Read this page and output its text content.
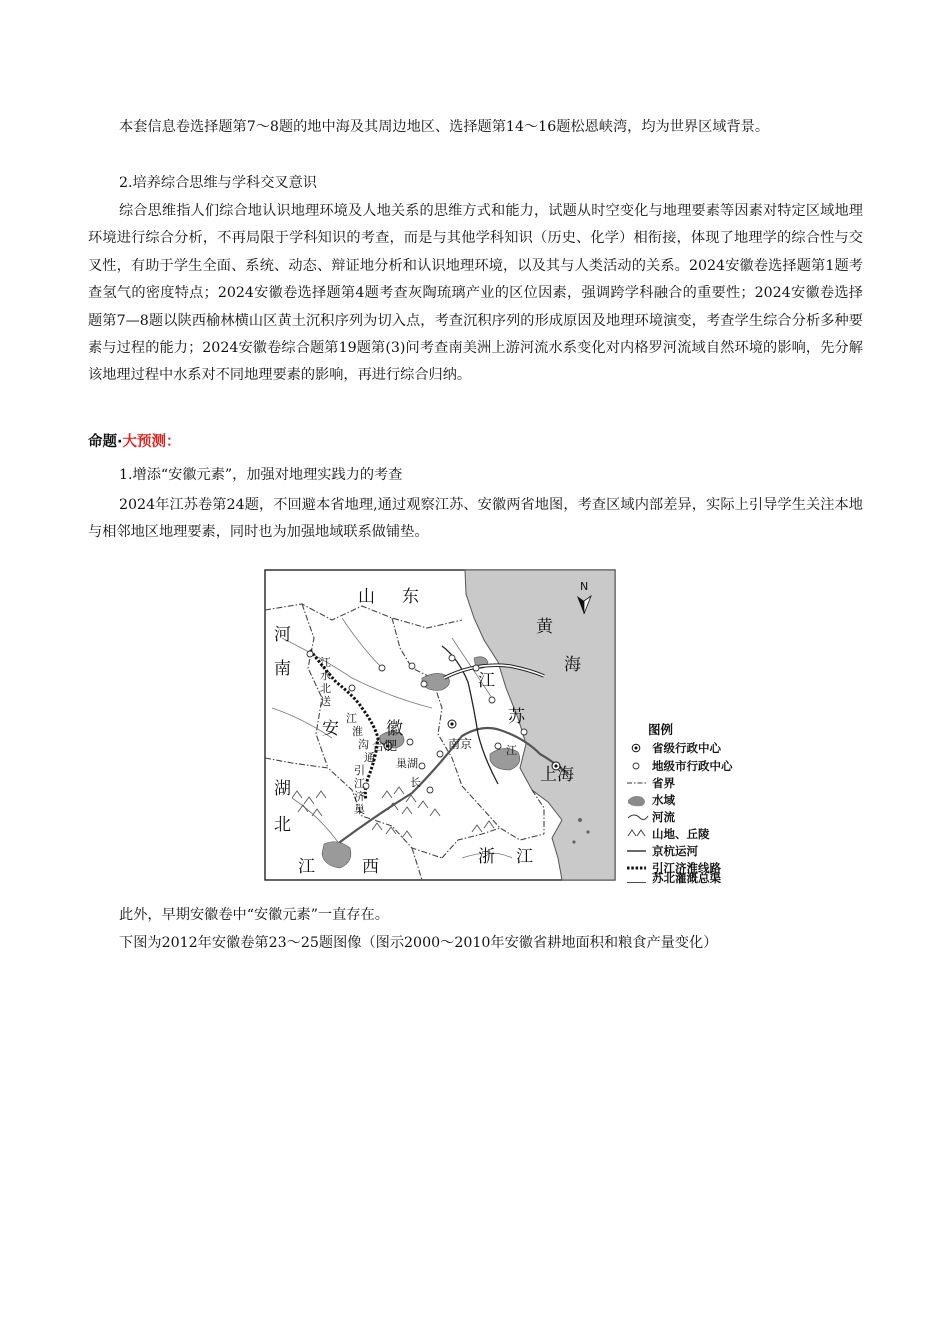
本套信息卷选择题第7～8题的地中海及其周边地区、选择题第14～16题松恩峡湾，均为世界区域背景。

2.培养综合思维与学科交叉意识

综合思维指人们综合地认识地理环境及人地关系的思维方式和能力，试题从时空变化与地理要素等因素对特定区域地理环境进行综合分析，不再局限于学科知识的考查，而是与其他学科知识（历史、化学）相衔接，体现了地理学的综合性与交叉性，有助于学生全面、系统、动态、辩证地分析和认识地理环境，以及其与人类活动的关系。2024安徽卷选择题第1题考查氢气的密度特点；2024安徽卷选择题第4题考查灰陶琉璃产业的区位因素，强调跨学科融合的重要性；2024安徽卷选择题第7—8题以陕西榆林横山区黄土沉积序列为切入点，考查沉积序列的形成原因及地理环境演变，考查学生综合分析多种要素与过程的能力；2024安徽卷综合题第19题第(3)问考查南美洲上游河流水系变化对内格罗河流域自然环境的影响，先分解该地理过程中水系对不同地理要素的影响，再进行综合归纳。

命题·大预测：

1.增添“安徽元素”，加强对地理实践力的考查

2024年江苏卷第24题，不回避本省地理,通过观察江苏、安徽两省地图，考查区域内部差异，实际上引导学生关注本地与相邻地区地理要素，同时也为加强地域联系做铺垫。

N
山 东
河
南
安	徽
江
苏
湖
北
江	西	浙 江
黄
海
上海
合肥	南京
巢湖
长
江
江
水
北
送
江
淮
沟
通
引
江
济
巢
图例
省级行政中心
地级市行政中心
省界
水域
河流
山地、丘陵
京杭运河
引江济淮线路
苏北灌溉总渠

此外，早期安徽卷中“安徽元素”一直存在。

下图为2012年安徽卷第23～25题图像（图示2000～2010年安徽省耕地面积和粮食产量变化）
